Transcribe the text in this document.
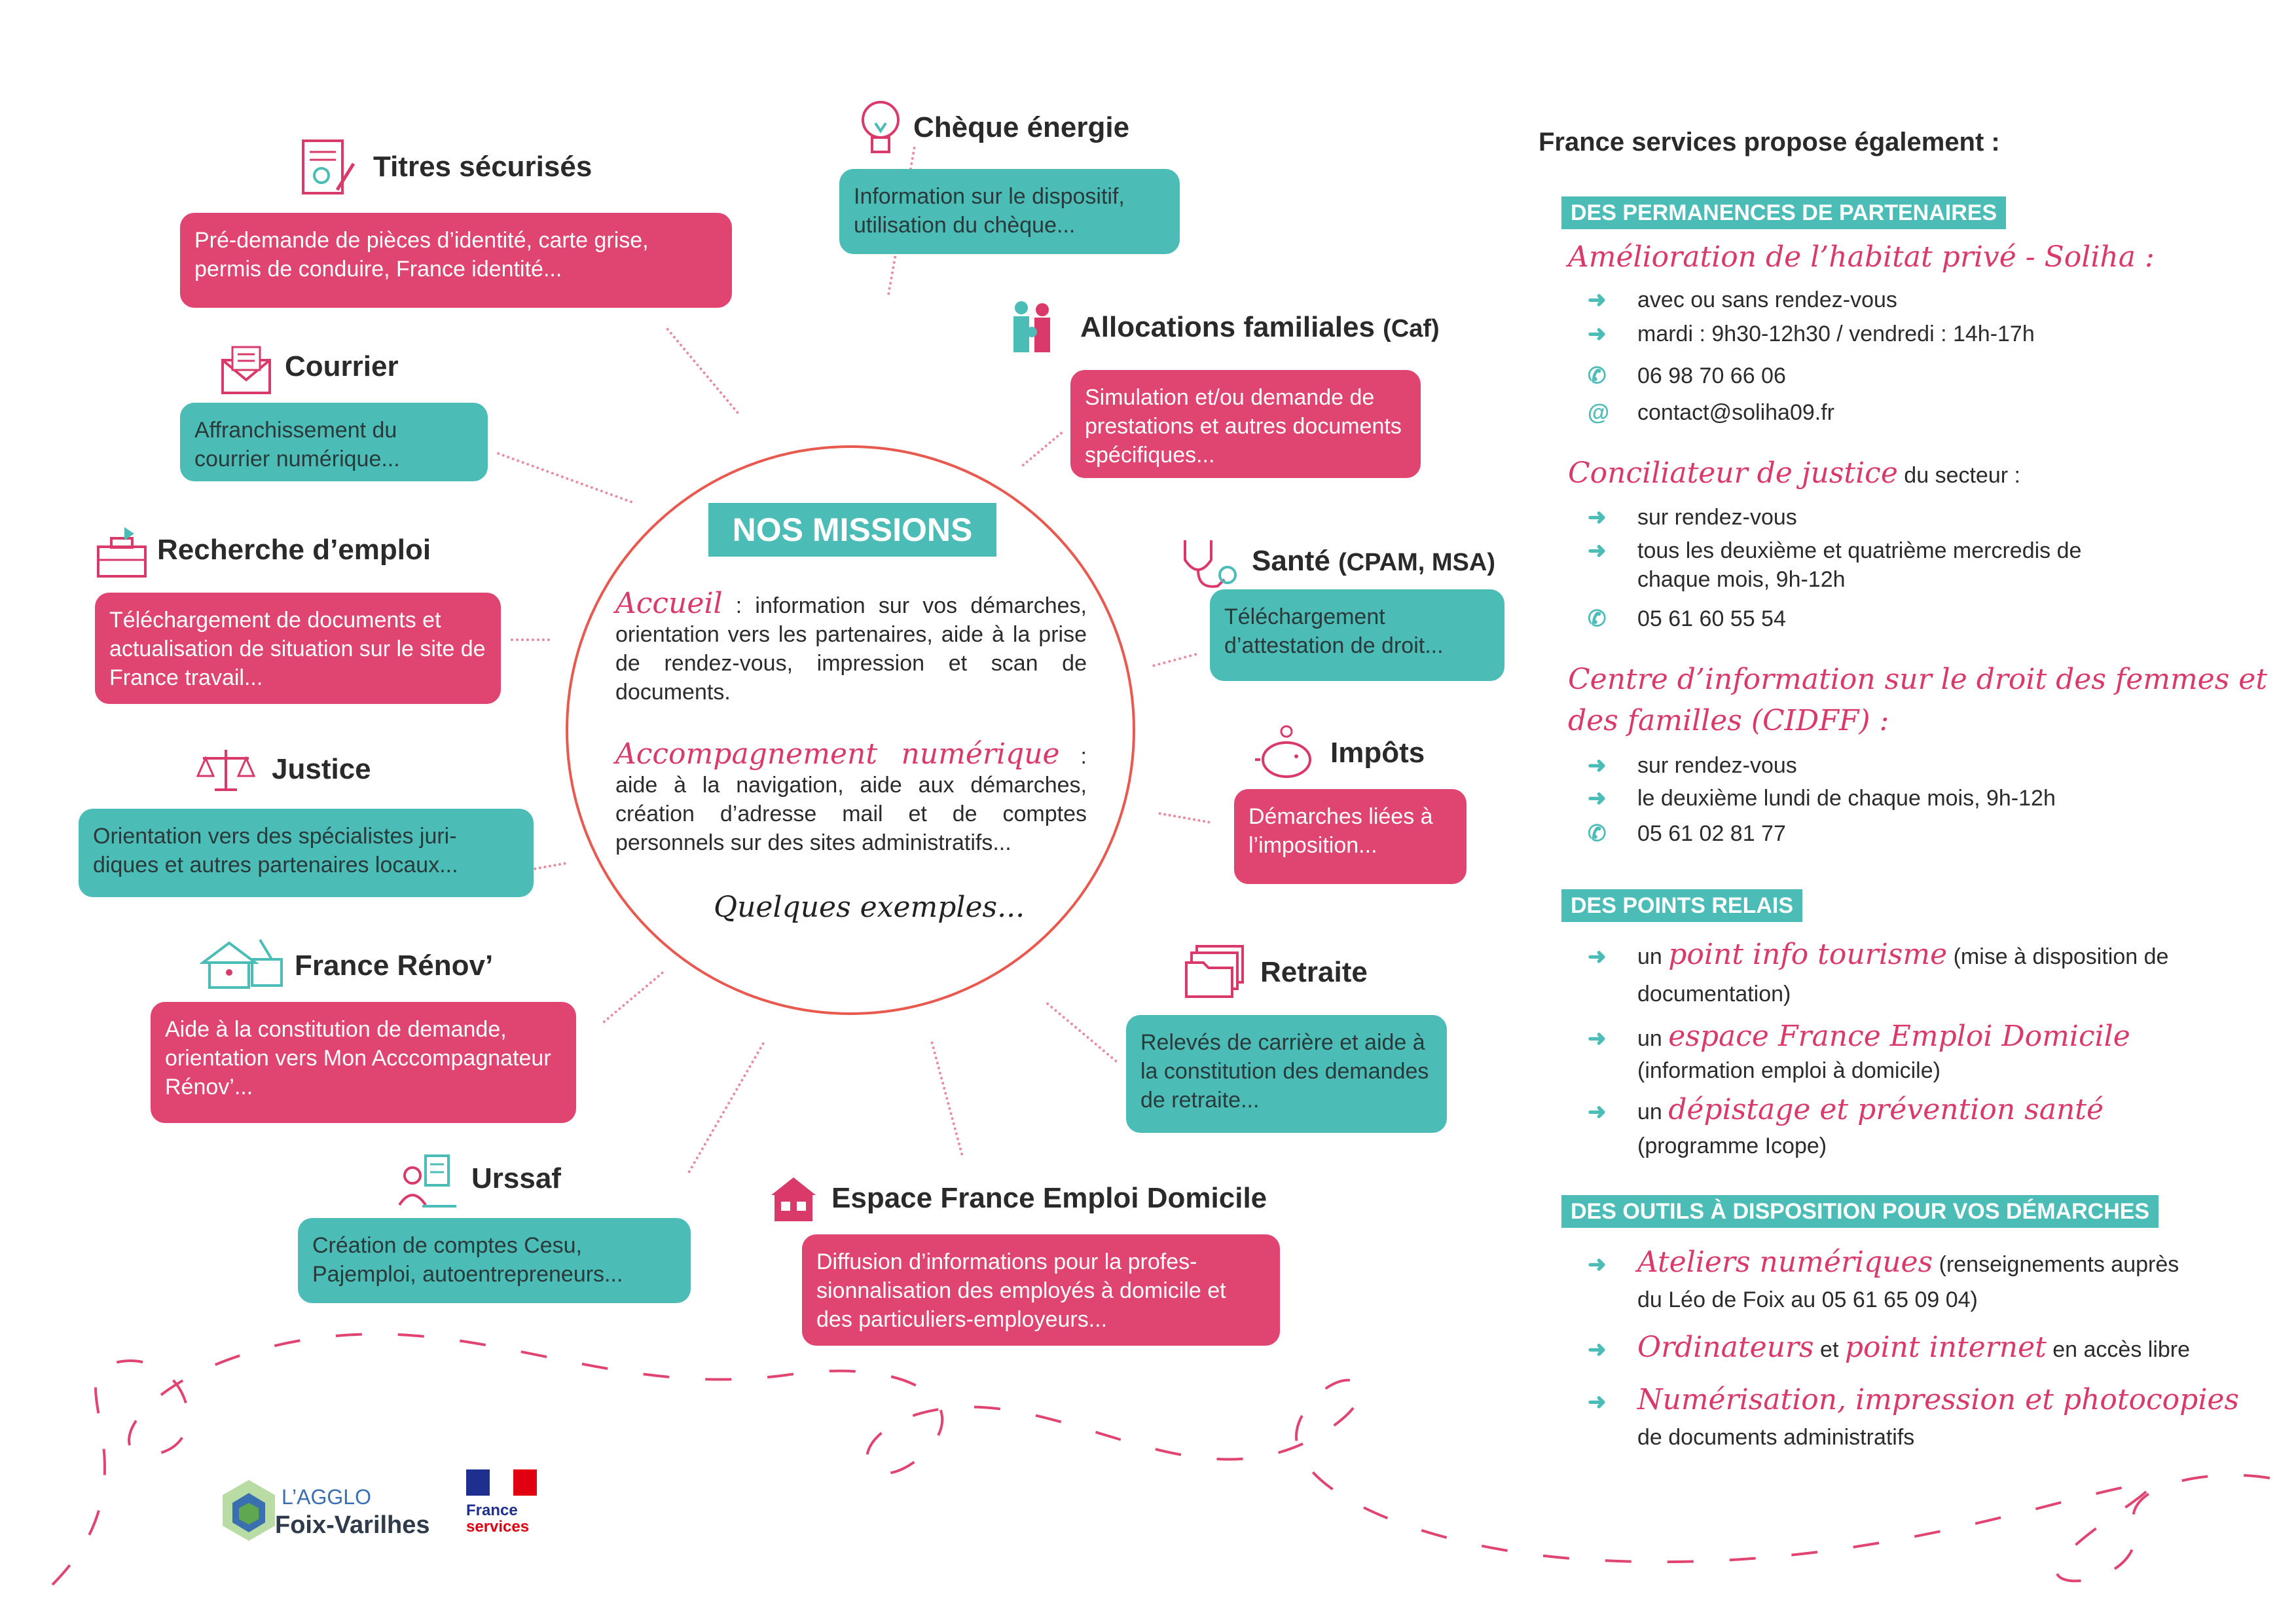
NOS MISSIONS
Accueil : information sur vos démarches, orientation vers les partenaires, aide à la prise de rendez-vous, impression et scan de documents.
Accompagnement numérique : aide à la navigation, aide aux démarches, création d’adresse mail et de comptes personnels sur des sites administratifs...
Quelques exemples...
Titres sécurisés
Pré-demande de pièces d’identité, carte grise, permis de conduire, France identité...
Courrier
Affranchissement du courrier numérique...
Recherche d’emploi
Téléchargement de documents et actualisation de situation sur le site de France travail...
Justice
Orientation vers des spécialistes juri-diques et autres partenaires locaux...
France Rénov’
Aide à la constitution de demande, orientation vers Mon Acccompagnateur Rénov’...
Urssaf
Création de comptes Cesu, Pajemploi, autoentrepreneurs...
Chèque énergie
Information sur le dispositif, utilisation du chèque...
Allocations familiales (Caf)
Simulation et/ou demande de prestations et autres documents spécifiques...
Santé (CPAM, MSA)
Téléchargement d’attestation de droit...
Impôts
Démarches liées à l’imposition...
Retraite
Relevés de carrière et aide à la constitution des demandes de retraite...
Espace France Emploi Domicile
Diffusion d’informations pour la profes-sionnalisation des employés à domicile et des particuliers-employeurs...
France services propose également :
DES PERMANENCES DE PARTENAIRES
Amélioration de l’habitat privé - Soliha :
➜ avec ou sans rendez-vous
➜ mardi : 9h30-12h30 / vendredi : 14h-17h
✆ 06 98 70 66 06
@ contact@soliha09.fr
Conciliateur de justice du secteur :
➜ sur rendez-vous
➜ tous les deuxième et quatrième mercredis de
chaque mois, 9h-12h
✆ 05 61 60 55 54
Centre d’information sur le droit des femmes et
des familles (CIDFF) :
➜ sur rendez-vous
➜ le deuxième lundi de chaque mois, 9h-12h
✆ 05 61 02 81 77
DES POINTS RELAIS
➜ un point info tourisme (mise à disposition de
documentation)
➜ un espace France Emploi Domicile
(information emploi à domicile)
➜ un dépistage et prévention santé
(programme Icope)
DES OUTILS À DISPOSITION POUR VOS DÉMARCHES
➜ Ateliers numériques (renseignements auprès
du Léo de Foix au 05 61 65 09 04)
➜ Ordinateurs et point internet en accès libre
➜ Numérisation, impression et photocopies
de documents administratifs
L’AGGLO
Foix-Varilhes
France
services
